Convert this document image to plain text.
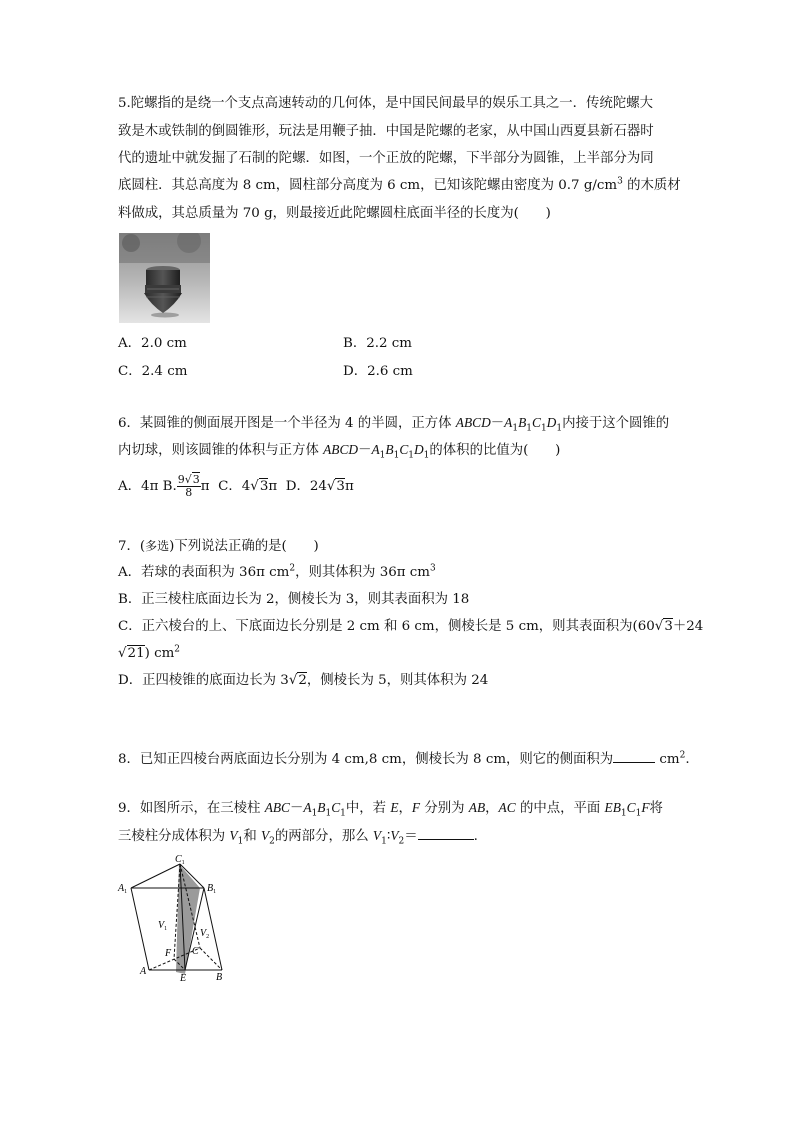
5.陀螺指的是绕一个支点高速转动的几何体，是中国民间最早的娱乐工具之一．传统陀螺大
致是木或铁制的倒圆锥形，玩法是用鞭子抽．中国是陀螺的老家，从中国山西夏县新石器时
代的遗址中就发掘了石制的陀螺．如图，一个正放的陀螺，下半部分为圆锥，上半部分为同
底圆柱．其总高度为 8 cm，圆柱部分高度为 6 cm，已知该陀螺由密度为 0.7 $g/cm^3$ 的木质材
料做成，其总质量为 70 g，则最接近此陀螺圆柱底面半径的长度为(　　)
A．2.0 cm	B．2.2 cm
C．2.4 cm	D．2.6 cm
6．某圆锥的侧面展开图是一个半径为 4 的半圆，正方体 $ABCD-A_1B_1C_1D_1$内接于这个圆锥的
内切球，则该圆锥的体积与正方体 $ABCD-A_1B_1C_1D_1$的体积的比值为(　　)
A．4π B. $\frac{9√3}{8}$ π C．4√3π D．24√3π
7．(多选)下列说法正确的是(　　)
A．若球的表面积为 36π $cm^2$，则其体积为 36π $cm^3$
B．正三棱柱底面边长为 2，侧棱长为 3，则其表面积为 18
C．正六棱台的上、下底面边长分别是 2 cm 和 6 cm，侧棱长是 5 cm，则其表面积为(60√3＋24
√21) $cm^2$
D．正四棱锥的底面边长为 3√2，侧棱长为 5，则其体积为 24
8．已知正四棱台两底面边长分别为 4 cm,8 cm，侧棱长为 8 cm，则它的侧面积为	$cm^2$.
9．如图所示，在三棱柱 $ABC-A_1B_1C_1$中，若 E，F 分别为 AB，AC 的中点，平面 $EB_1C_1F$将
三棱柱分成体积为 $V_1$和 $V_2$的两部分，那么 $V_1∶V_2=$	.
$C_1$
$A_1$	$B_1$
$V_1$	$V_2$
F C
A
B
E
